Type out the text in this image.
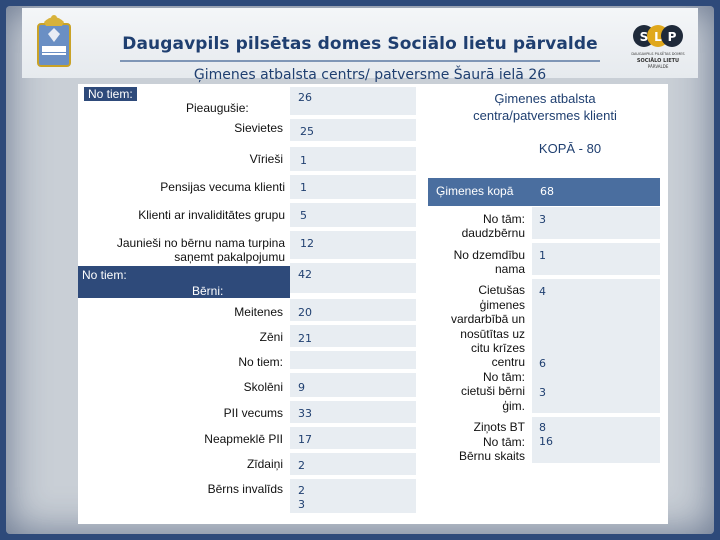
S L P
DAUGAVPILS PILSĒTAS DOMES
SOCIĀLO LIETU
PĀRVALDE
Daugavpils pilsētas domes Sociālo lietu pārvalde
Ģimenes atbalsta centrs/ patversme Šaurā ielā 26
No tiem:
Pieaugušie:
26
Sievietes 25
Vīrieši 1
Pensijas vecuma klienti 1
Klienti ar invaliditātes grupu 5
Jaunieši no bērnu nama turpina
saņemt pakalpojumu
12
No tiem:
Bērni:
42
Meitenes 20
Zēni 21
No tiem:
Skolēni 9
PII vecums 33
Neapmeklē PII 17
Zīdaiņi 2
Bērns invalīds 2
3
Ģimenes atbalsta
centra/patversmes klienti
KOPĀ - 80
Ģimenes kopā 68
No tām:
daudzbērnu
3
No dzemdību
nama
1
Cietušas
ģimenes
vardarbībā un
nosūtītas uz
citu krīzes
centru
No tām:
cietuši bērni
ģim.
4
6
3
Ziņots BT
No tām:
Bērnu skaits
8
16
